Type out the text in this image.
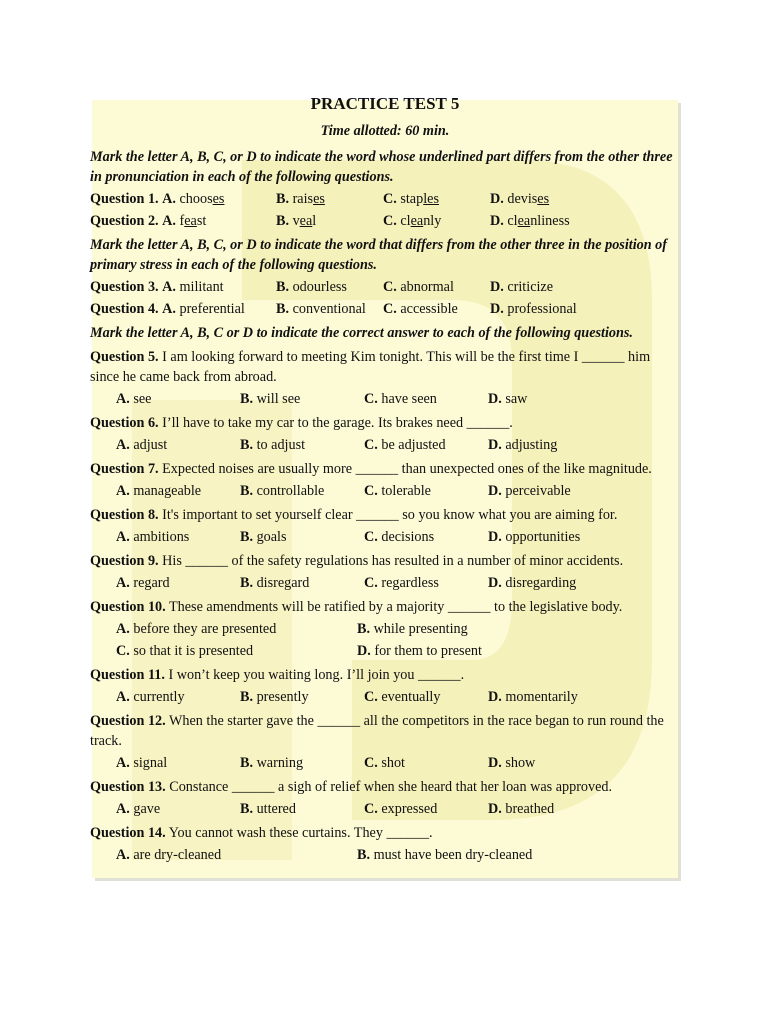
PRACTICE TEST 5
Time allotted: 60 min.
Mark the letter A, B, C, or D to indicate the word whose underlined part differs from the other three in pronunciation in each of the following questions.
Question 1. A. chooses	B. raises	C. staples	D. devises
Question 2. A. feast	B. veal	C. cleanly	D. cleanliness
Mark the letter A, B, C, or D to indicate the word that differs from the other three in the position of primary stress in each of the following questions.
Question 3. A. militant	B. odourless	C. abnormal	D. criticize
Question 4. A. preferential	B. conventional	C. accessible	D. professional
Mark the letter A, B, C or D to indicate the correct answer to each of the following questions.
Question 5. I am looking forward to meeting Kim tonight. This will be the first time I ______ him since he came back from abroad.
A. see	B. will see	C. have seen	D. saw
Question 6. I’ll have to take my car to the garage. Its brakes need ______.
A. adjust	B. to adjust	C. be adjusted	D. adjusting
Question 7. Expected noises are usually more ______ than unexpected ones of the like magnitude.
A. manageable	B. controllable	C. tolerable	D. perceivable
Question 8. It's important to set yourself clear ______ so you know what you are aiming for.
A. ambitions	B. goals	C. decisions	D. opportunities
Question 9. His ______ of the safety regulations has resulted in a number of minor accidents.
A. regard	B. disregard	C. regardless	D. disregarding
Question 10. These amendments will be ratified by a majority ______ to the legislative body.
A. before they are presented	B. while presenting
C. so that it is presented	D. for them to present
Question 11. I won’t keep you waiting long. I’ll join you ______.
A. currently	B. presently	C. eventually	D. momentarily
Question 12. When the starter gave the ______ all the competitors in the race began to run round the track.
A. signal	B. warning	C. shot	D. show
Question 13. Constance ______ a sigh of relief when she heard that her loan was approved.
A. gave	B. uttered	C. expressed	D. breathed
Question 14. You cannot wash these curtains. They ______.
A. are dry-cleaned	B. must have been dry-cleaned
